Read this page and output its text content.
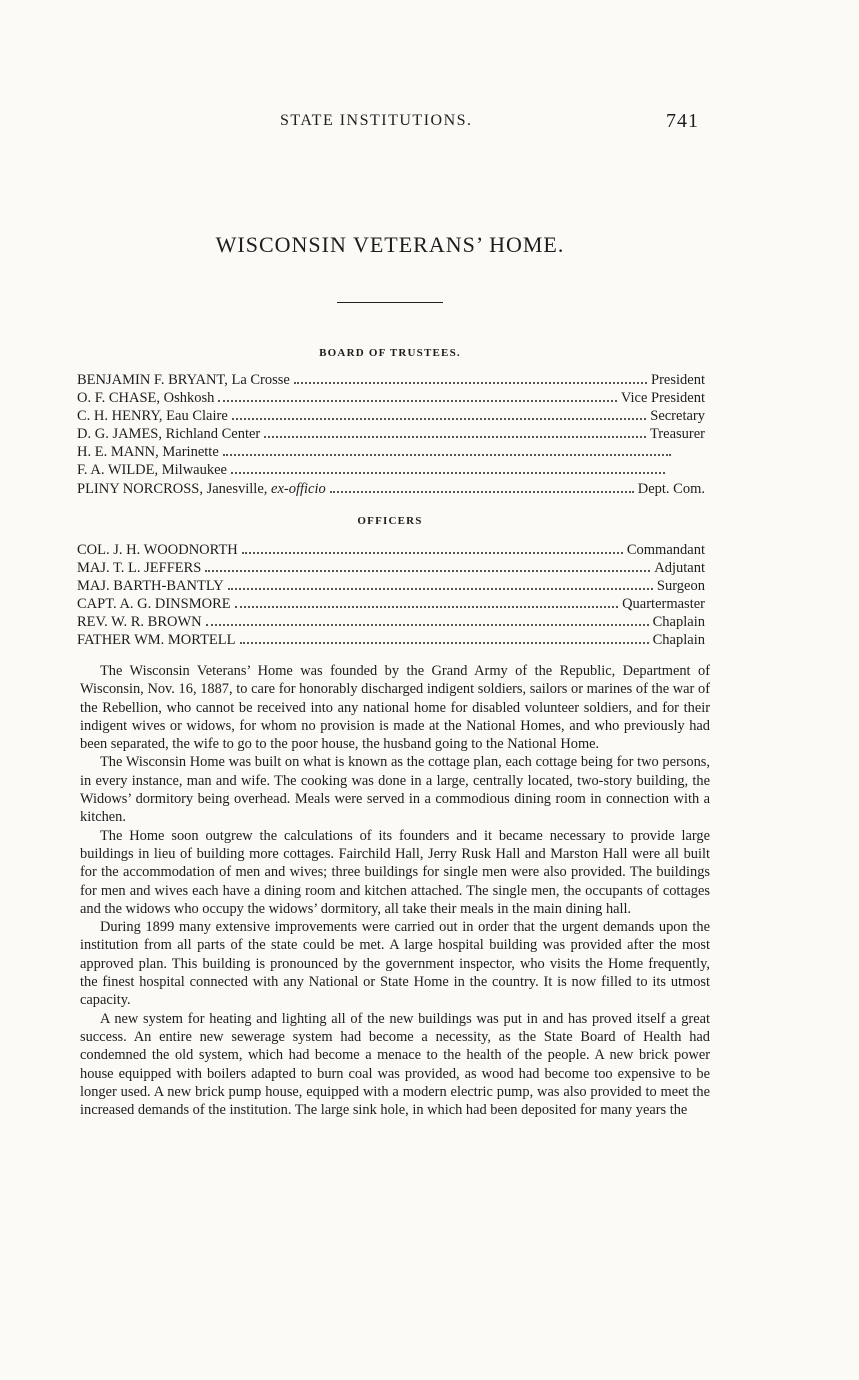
STATE INSTITUTIONS.	741
WISCONSIN VETERANS’ HOME.
BOARD OF TRUSTEES.
BENJAMIN F. BRYANT, La Crosse	President
O. F. CHASE, Oshkosh	Vice President
C. H. HENRY, Eau Claire	Secretary
D. G. JAMES, Richland Center	Treasurer
H. E. MANN, Marinette
F. A. WILDE, Milwaukee
PLINY NORCROSS, Janesville, ex-officio	Dept. Com.
OFFICERS
COL. J. H. WOODNORTH	Commandant
MAJ. T. L. JEFFERS	Adjutant
MAJ. BARTH-BANTLY	Surgeon
CAPT. A. G. DINSMORE	Quartermaster
REV. W. R. BROWN	Chaplain
FATHER WM. MORTELL	Chaplain

The Wisconsin Veterans’ Home was founded by the Grand Army of the Republic, Department of Wisconsin, Nov. 16, 1887, to care for honorably discharged indigent soldiers, sailors or marines of the war of the Rebellion, who cannot be received into any national home for disabled volunteer soldiers, and for their indigent wives or widows, for whom no provision is made at the National Homes, and who previously had been separated, the wife to go to the poor house, the husband going to the National Home.

The Wisconsin Home was built on what is known as the cottage plan, each cottage being for two persons, in every instance, man and wife. The cooking was done in a large, centrally located, two-story building, the Widows’ dormitory being overhead. Meals were served in a commodious dining room in connection with a kitchen.

The Home soon outgrew the calculations of its founders and it became necessary to provide large buildings in lieu of building more cottages. Fairchild Hall, Jerry Rusk Hall and Marston Hall were all built for the accommodation of men and wives; three buildings for single men were also provided. The buildings for men and wives each have a dining room and kitchen attached. The single men, the occupants of cottages and the widows who occupy the widows’ dormitory, all take their meals in the main dining hall.

During 1899 many extensive improvements were carried out in order that the urgent demands upon the institution from all parts of the state could be met. A large hospital building was provided after the most approved plan. This building is pronounced by the government inspector, who visits the Home frequently, the finest hospital connected with any National or State Home in the country. It is now filled to its utmost capacity.

A new system for heating and lighting all of the new buildings was put in and has proved itself a great success. An entire new sewerage system had become a necessity, as the State Board of Health had condemned the old system, which had become a menace to the health of the people. A new brick power house equipped with boilers adapted to burn coal was provided, as wood had become too expensive to be longer used. A new brick pump house, equipped with a modern electric pump, was also provided to meet the increased demands of the institution. The large sink hole, in which had been deposited for many years the
